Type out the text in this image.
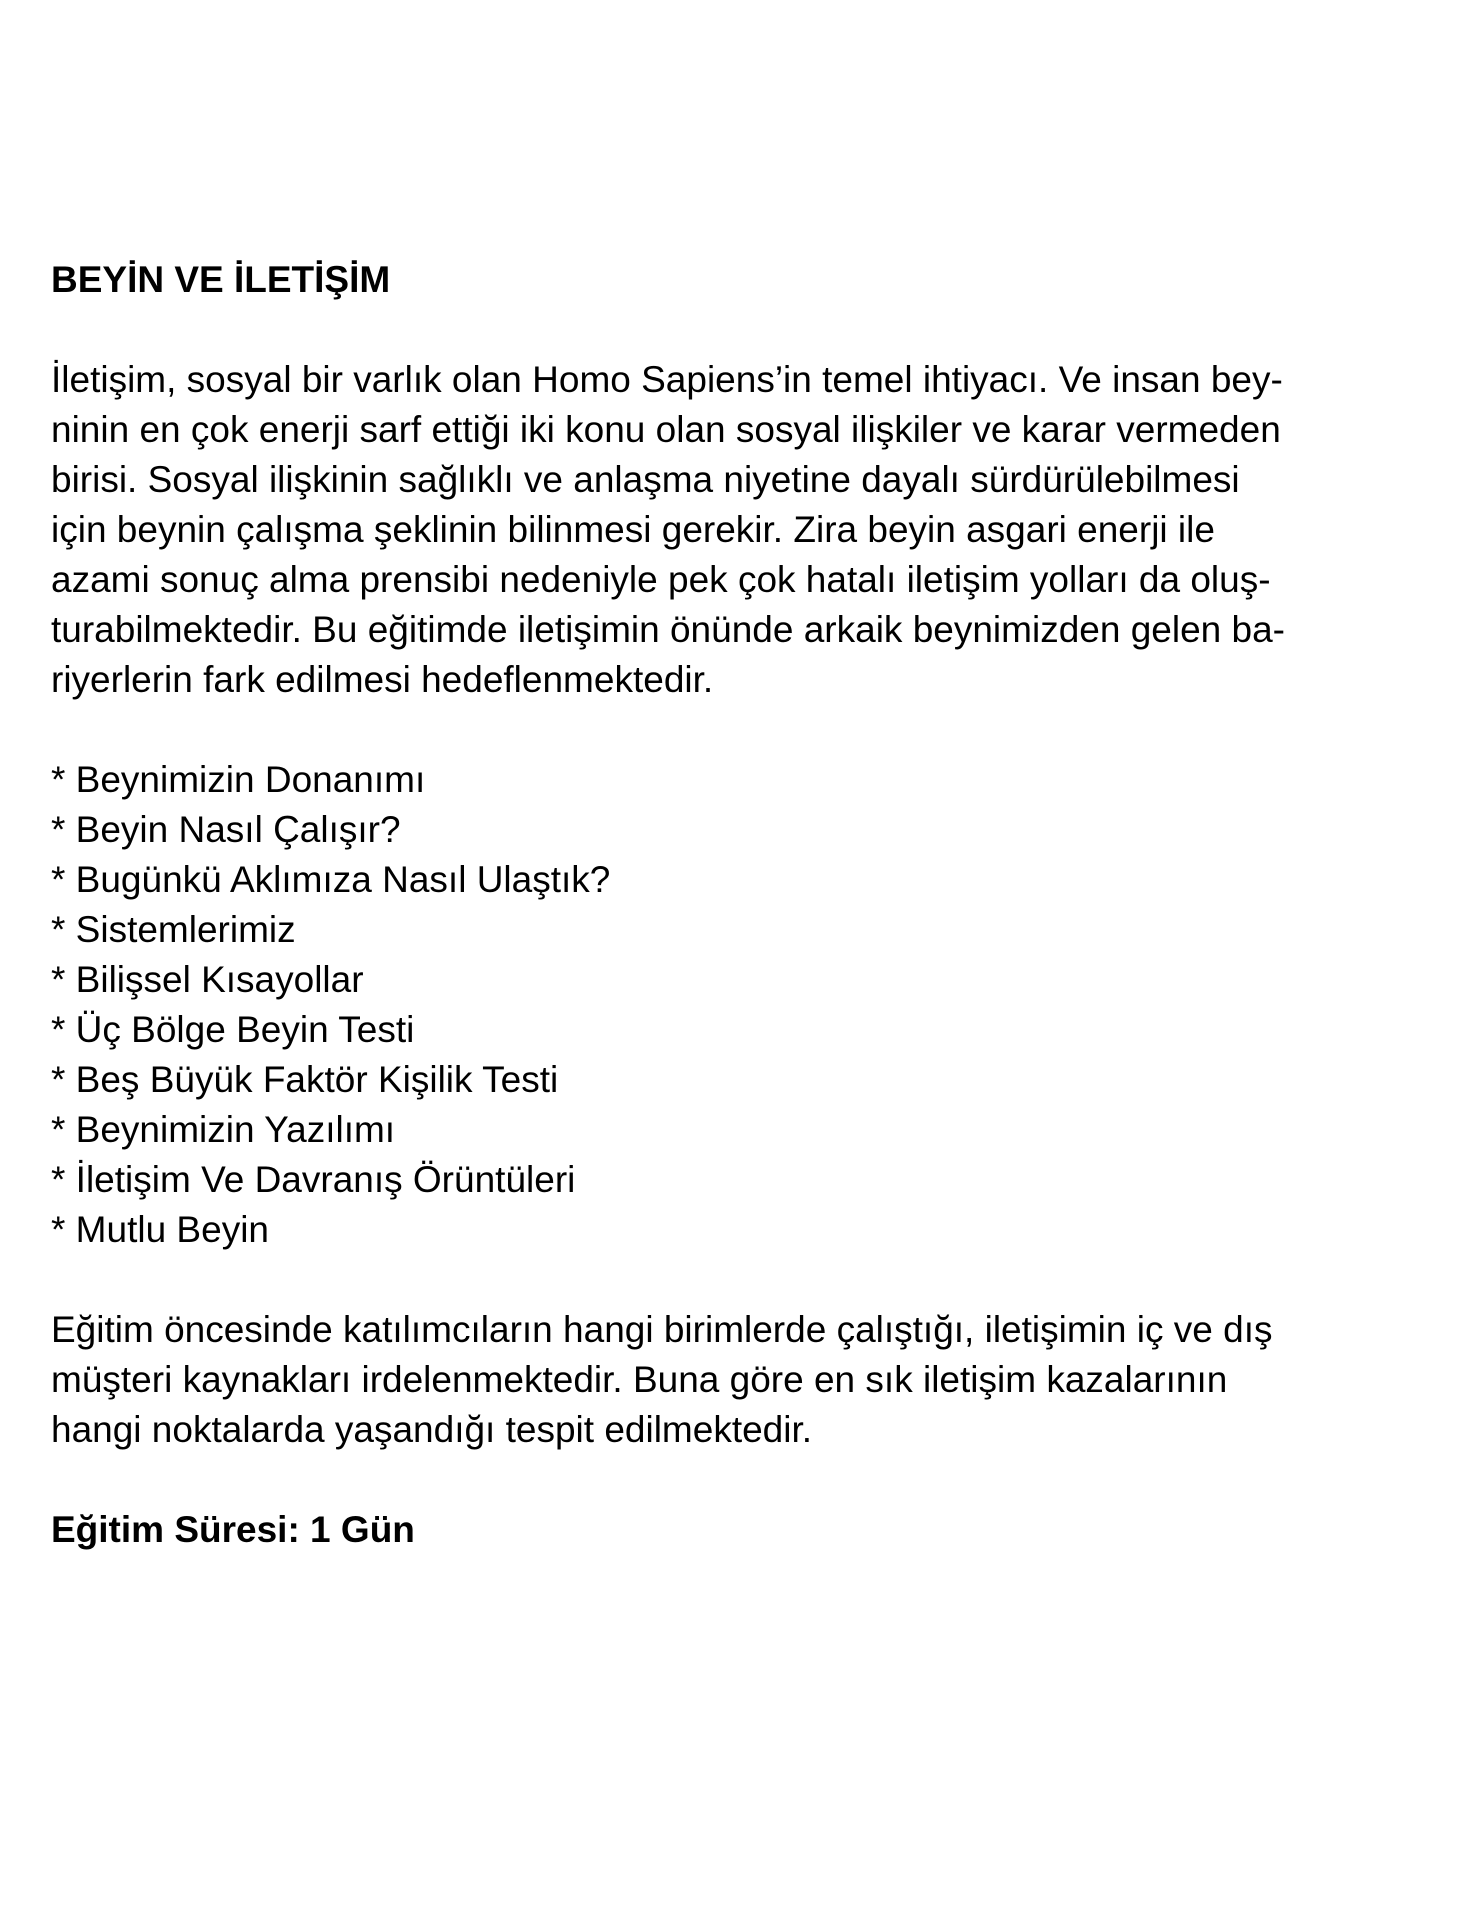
BEYİN VE İLETİŞİM
İletişim, sosyal bir varlık olan Homo Sapiens’in temel ihtiyacı. Ve insan bey-
ninin en çok enerji sarf ettiği iki konu olan sosyal ilişkiler ve karar vermeden
birisi. Sosyal ilişkinin sağlıklı ve anlaşma niyetine dayalı sürdürülebilmesi
için beynin çalışma şeklinin bilinmesi gerekir. Zira beyin asgari enerji ile
azami sonuç alma prensibi nedeniyle pek çok hatalı iletişim yolları da oluş-
turabilmektedir. Bu eğitimde iletişimin önünde arkaik beynimizden gelen ba-
riyerlerin fark edilmesi hedeflenmektedir.
* Beynimizin Donanımı
* Beyin Nasıl Çalışır?
* Bugünkü Aklımıza Nasıl Ulaştık?
* Sistemlerimiz
* Bilişsel Kısayollar
* Üç Bölge Beyin Testi
* Beş Büyük Faktör Kişilik Testi
* Beynimizin Yazılımı
* İletişim Ve Davranış Örüntüleri
* Mutlu Beyin
Eğitim öncesinde katılımcıların hangi birimlerde çalıştığı, iletişimin iç ve dış
müşteri kaynakları irdelenmektedir. Buna göre en sık iletişim kazalarının
hangi noktalarda yaşandığı tespit edilmektedir.
Eğitim Süresi: 1 Gün
